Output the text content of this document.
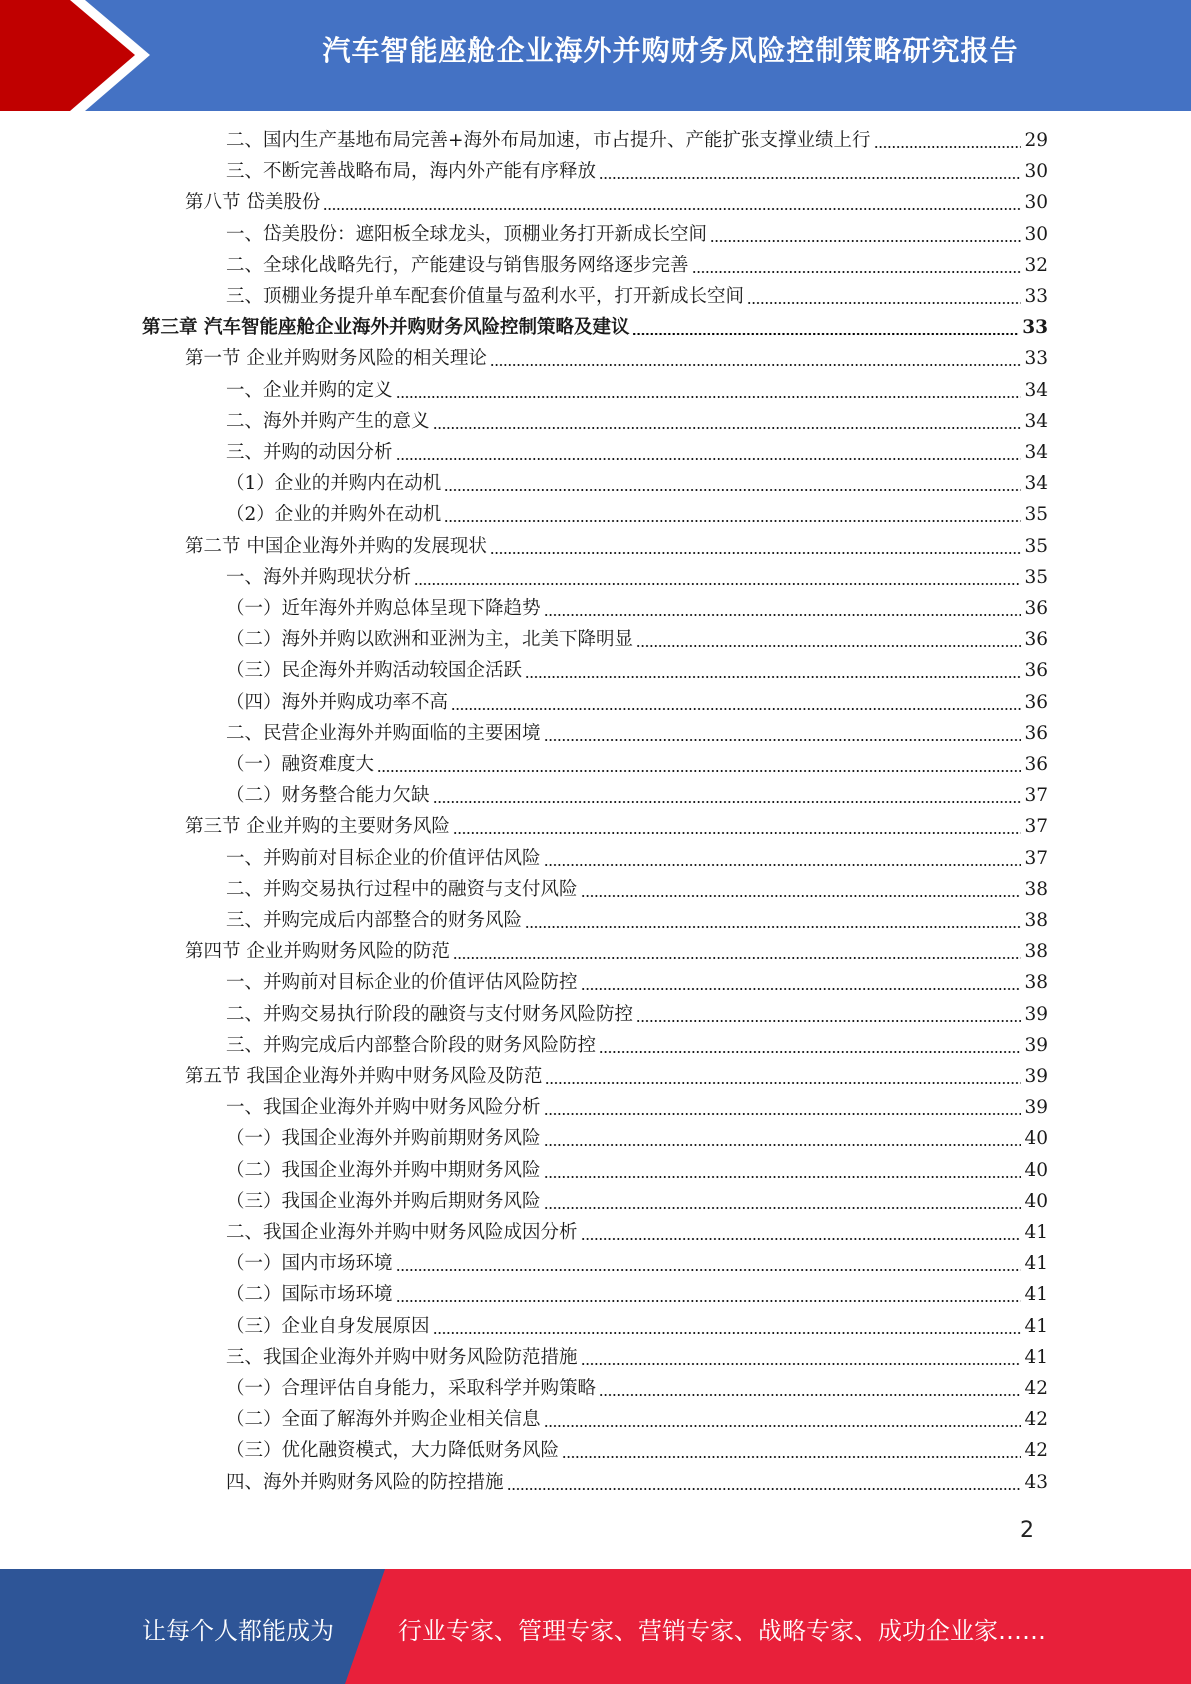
汽车智能座舱企业海外并购财务风险控制策略研究报告
二、国内生产基地布局完善+海外布局加速，市占提升、产能扩张支撑业绩上行	29
三、不断完善战略布局，海内外产能有序释放	30
第八节 岱美股份	30
一、岱美股份：遮阳板全球龙头，顶棚业务打开新成长空间	30
二、全球化战略先行，产能建设与销售服务网络逐步完善	32
三、顶棚业务提升单车配套价值量与盈利水平，打开新成长空间	33
第三章 汽车智能座舱企业海外并购财务风险控制策略及建议	33
第一节 企业并购财务风险的相关理论	33
一、企业并购的定义	34
二、海外并购产生的意义	34
三、并购的动因分析	34
（1）企业的并购内在动机	34
（2）企业的并购外在动机	35
第二节 中国企业海外并购的发展现状	35
一、海外并购现状分析	35
（一）近年海外并购总体呈现下降趋势	36
（二）海外并购以欧洲和亚洲为主，北美下降明显	36
（三）民企海外并购活动较国企活跃	36
（四）海外并购成功率不高	36
二、民营企业海外并购面临的主要困境	36
（一）融资难度大	36
（二）财务整合能力欠缺	37
第三节 企业并购的主要财务风险	37
一、并购前对目标企业的价值评估风险	37
二、并购交易执行过程中的融资与支付风险	38
三、并购完成后内部整合的财务风险	38
第四节 企业并购财务风险的防范	38
一、并购前对目标企业的价值评估风险防控	38
二、并购交易执行阶段的融资与支付财务风险防控	39
三、并购完成后内部整合阶段的财务风险防控	39
第五节 我国企业海外并购中财务风险及防范	39
一、我国企业海外并购中财务风险分析	39
（一）我国企业海外并购前期财务风险	40
（二）我国企业海外并购中期财务风险	40
（三）我国企业海外并购后期财务风险	40
二、我国企业海外并购中财务风险成因分析	41
（一）国内市场环境	41
（二）国际市场环境	41
（三）企业自身发展原因	41
三、我国企业海外并购中财务风险防范措施	41
（一）合理评估自身能力，采取科学并购策略	42
（二）全面了解海外并购企业相关信息	42
（三）优化融资模式，大力降低财务风险	42
四、海外并购财务风险的防控措施	43
2
让每个人都能成为	行业专家、管理专家、营销专家、战略专家、成功企业家……
